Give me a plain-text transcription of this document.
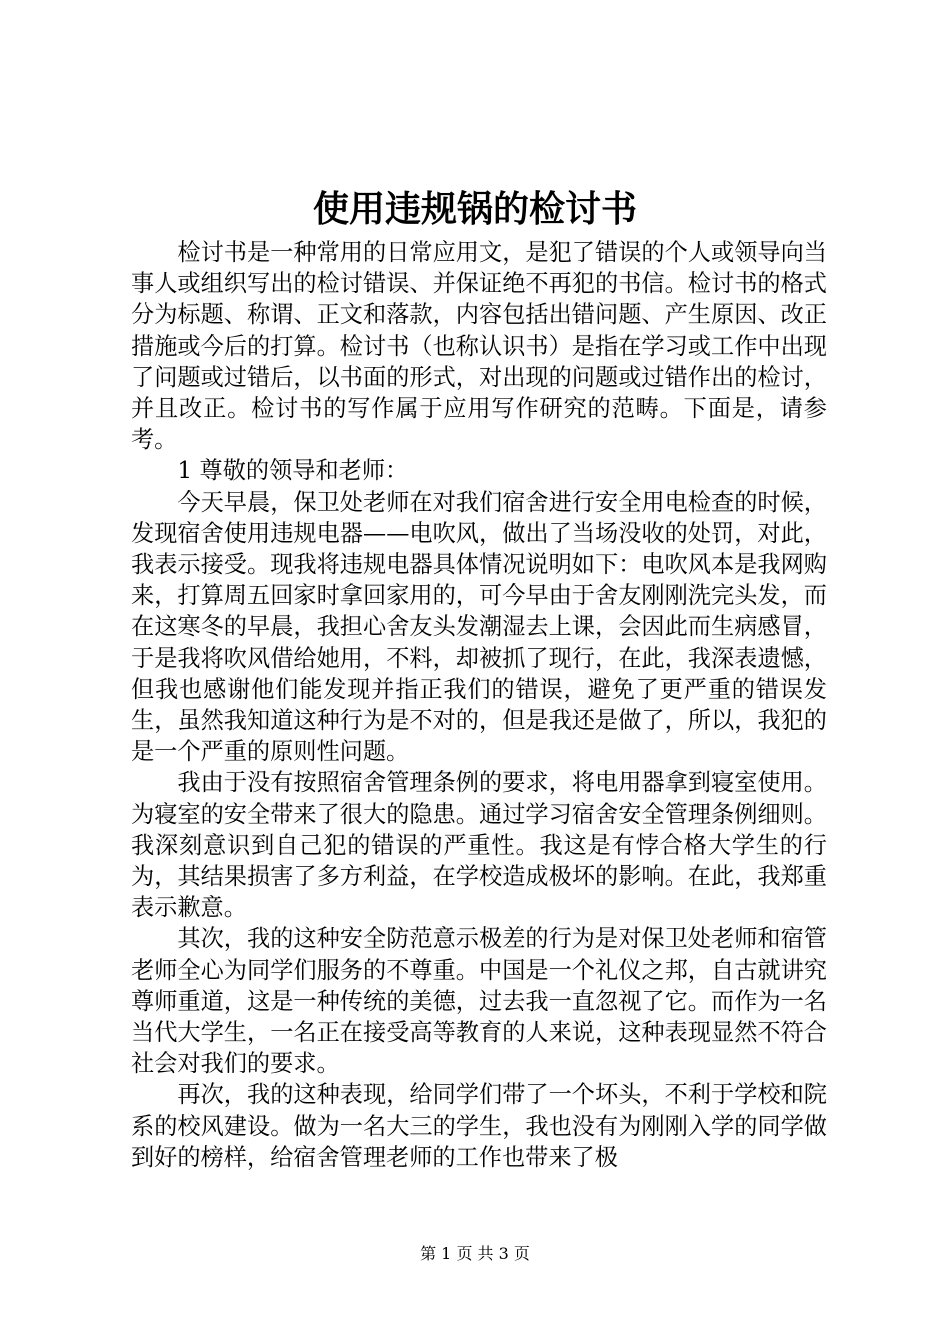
使用违规锅的检讨书

检讨书是一种常用的日常应用文，是犯了错误的个人或领导向当事人或组织写出的检讨错误、并保证绝不再犯的书信。检讨书的格式分为标题、称谓、正文和落款，内容包括出错问题、产生原因、改正措施或今后的打算。检讨书（也称认识书）是指在学习或工作中出现了问题或过错后，以书面的形式，对出现的问题或过错作出的检讨，并且改正。检讨书的写作属于应用写作研究的范畴。下面是，请参考。

1 尊敬的领导和老师：

今天早晨，保卫处老师在对我们宿舍进行安全用电检查的时候，发现宿舍使用违规电器——电吹风，做出了当场没收的处罚，对此，我表示接受。现我将违规电器具体情况说明如下：电吹风本是我网购来，打算周五回家时拿回家用的，可今早由于舍友刚刚洗完头发，而在这寒冬的早晨，我担心舍友头发潮湿去上课，会因此而生病感冒，于是我将吹风借给她用，不料，却被抓了现行，在此，我深表遗憾，但我也感谢他们能发现并指正我们的错误，避免了更严重的错误发生，虽然我知道这种行为是不对的，但是我还是做了，所以，我犯的是一个严重的原则性问题。

我由于没有按照宿舍管理条例的要求，将电用器拿到寝室使用。为寝室的安全带来了很大的隐患。通过学习宿舍安全管理条例细则。我深刻意识到自己犯的错误的严重性。我这是有悖合格大学生的行为，其结果损害了多方利益，在学校造成极坏的影响。在此，我郑重表示歉意。

其次，我的这种安全防范意示极差的行为是对保卫处老师和宿管老师全心为同学们服务的不尊重。中国是一个礼仪之邦，自古就讲究尊师重道，这是一种传统的美德，过去我一直忽视了它。而作为一名当代大学生，一名正在接受高等教育的人来说，这种表现显然不符合社会对我们的要求。

再次，我的这种表现，给同学们带了一个坏头，不利于学校和院系的校风建设。做为一名大三的学生，我也没有为刚刚入学的同学做到好的榜样，给宿舍管理老师的工作也带来了极

第 1 页 共 3 页
